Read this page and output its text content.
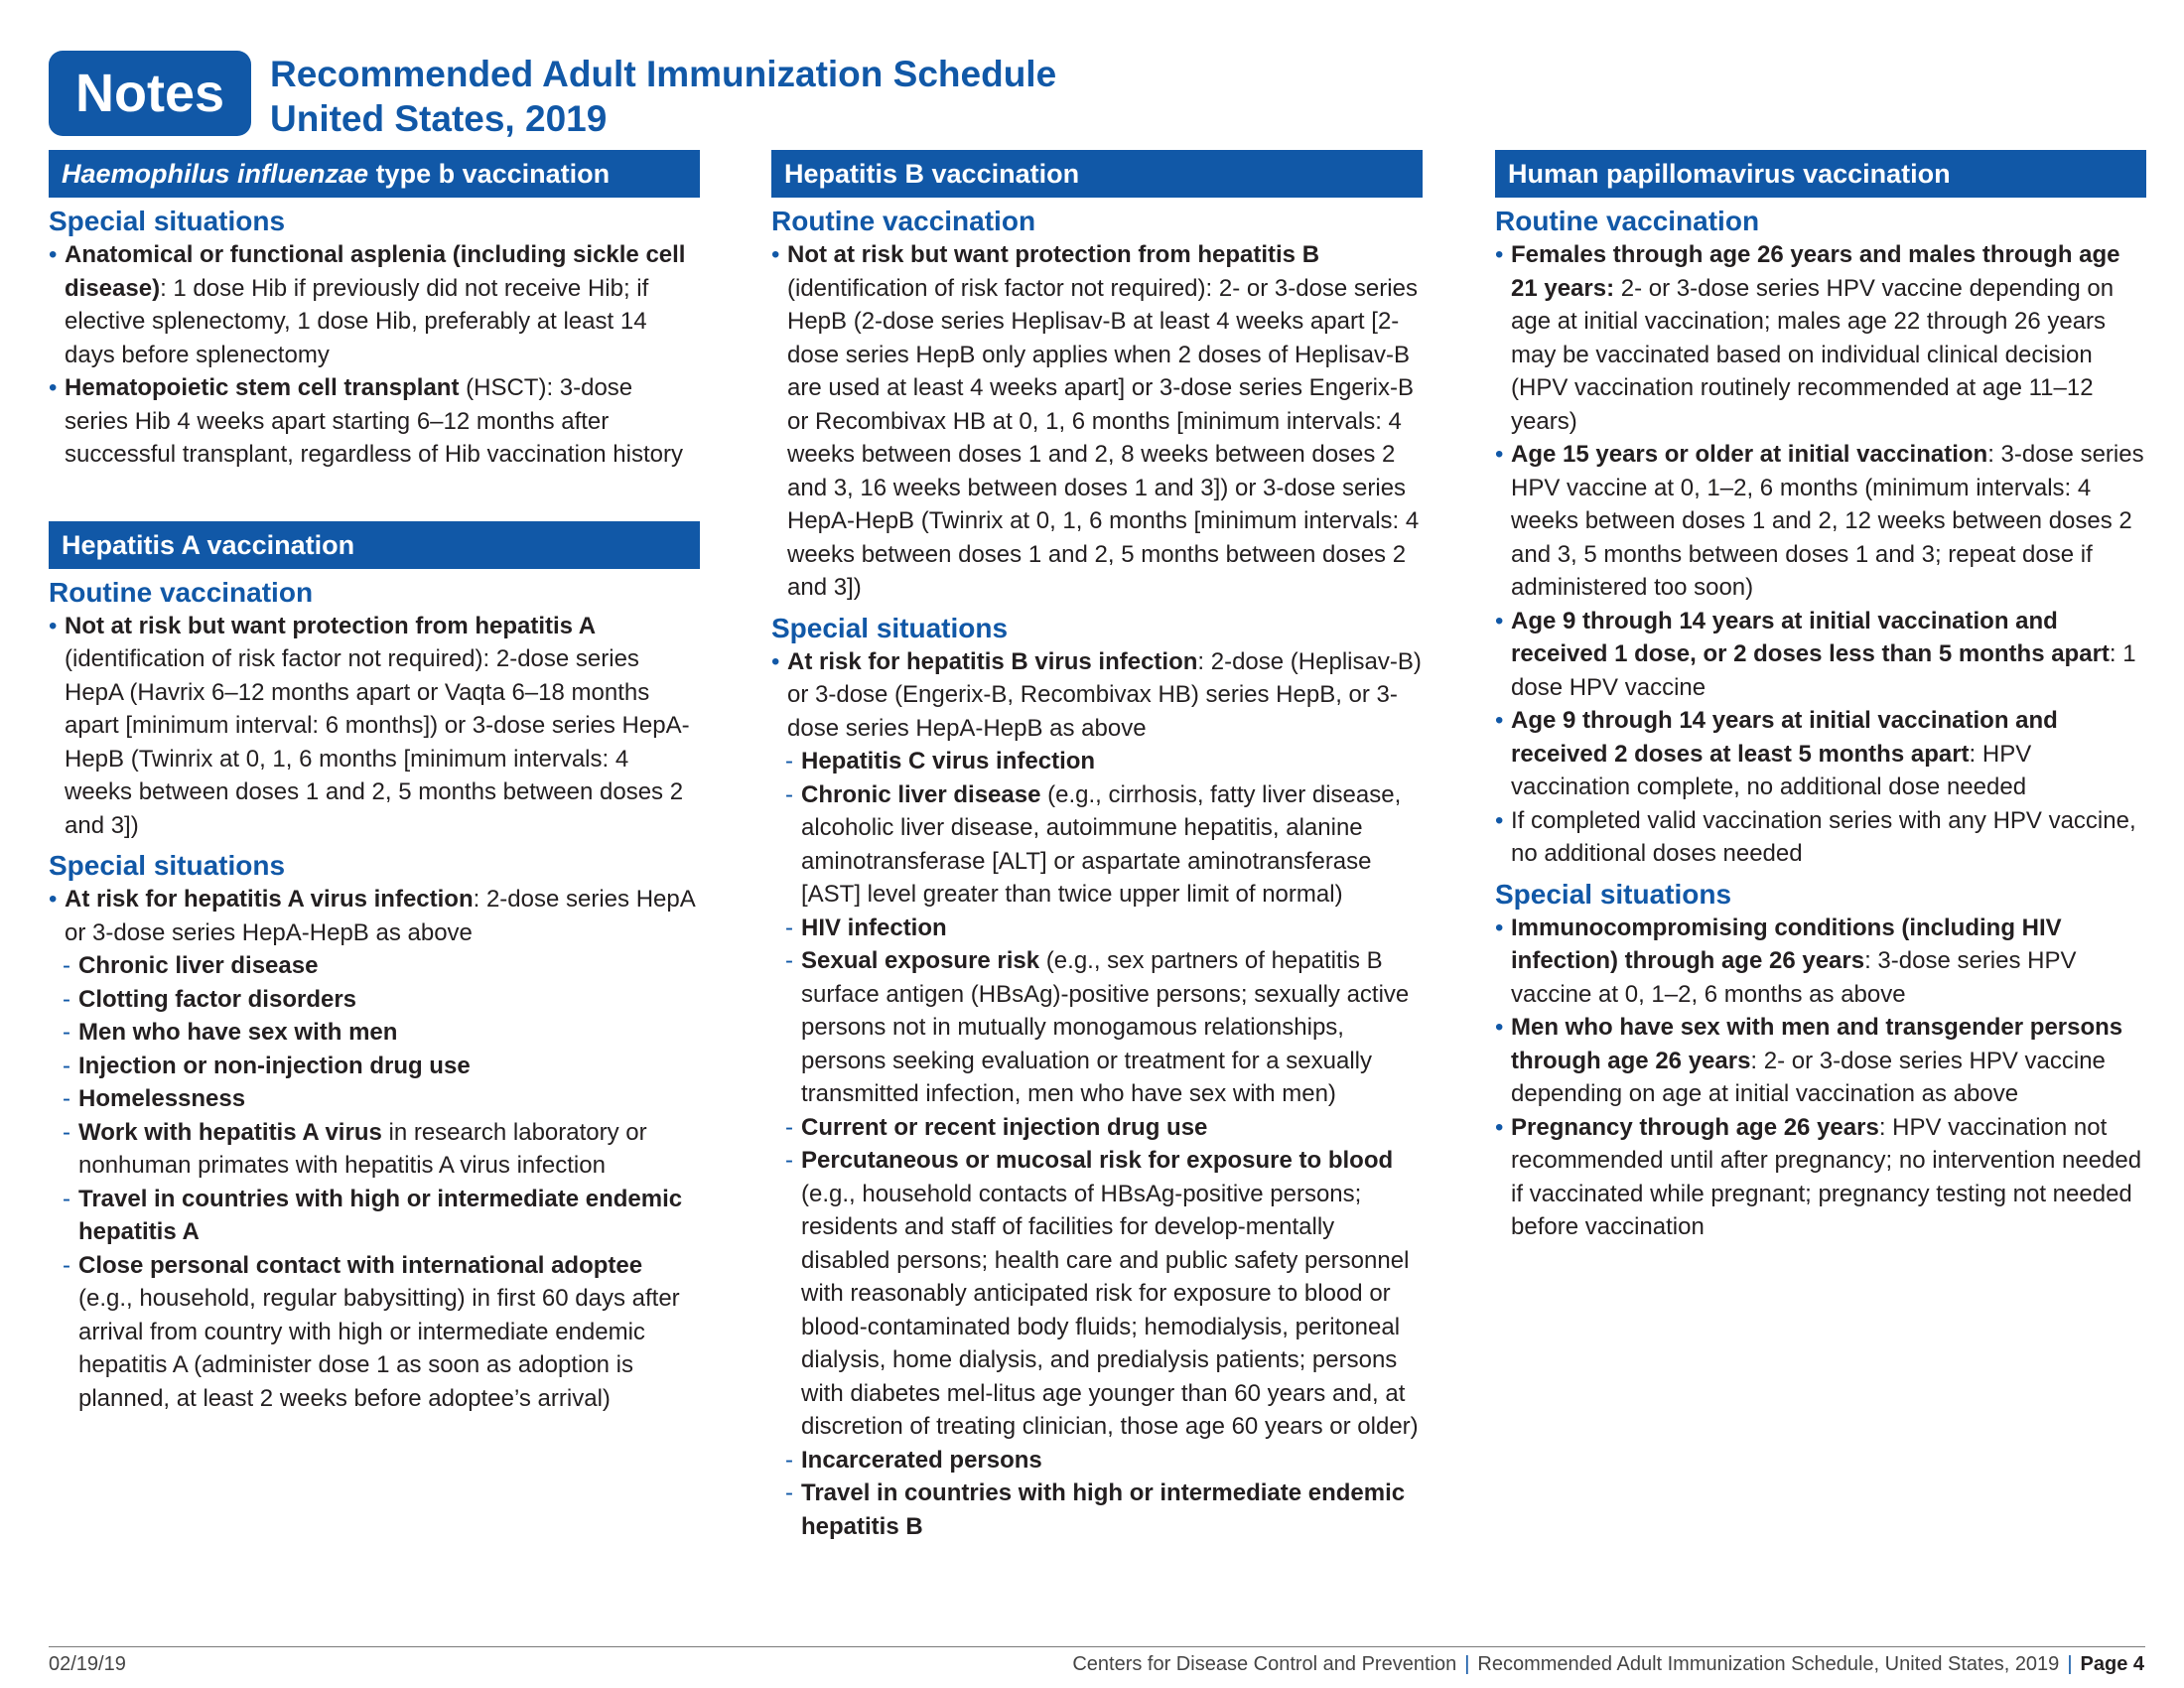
Notes	Recommended Adult Immunization Schedule
United States, 2019
Haemophilus influenzae type b vaccination
Special situations
• Anatomical or functional asplenia (including sickle cell disease): 1 dose Hib if previously did not receive Hib; if elective splenectomy, 1 dose Hib, preferably at least 14 days before splenectomy
• Hematopoietic stem cell transplant (HSCT): 3-dose series Hib 4 weeks apart starting 6–12 months after successful transplant, regardless of Hib vaccination history
Hepatitis A vaccination
Routine vaccination
• Not at risk but want protection from hepatitis A (identification of risk factor not required): 2-dose series HepA (Havrix 6–12 months apart or Vaqta 6–18 months apart [minimum interval: 6 months]) or 3-dose series HepA-HepB (Twinrix at 0, 1, 6 months [minimum intervals: 4 weeks between doses 1 and 2, 5 months between doses 2 and 3])
Special situations
• At risk for hepatitis A virus infection: 2-dose series HepA or 3-dose series HepA-HepB as above
- Chronic liver disease
- Clotting factor disorders
- Men who have sex with men
- Injection or non-injection drug use
- Homelessness
- Work with hepatitis A virus in research laboratory or nonhuman primates with hepatitis A virus infection
- Travel in countries with high or intermediate endemic hepatitis A
- Close personal contact with international adoptee (e.g., household, regular babysitting) in first 60 days after arrival from country with high or intermediate endemic hepatitis A (administer dose 1 as soon as adoption is planned, at least 2 weeks before adoptee’s arrival)
Hepatitis B vaccination
Routine vaccination
• Not at risk but want protection from hepatitis B (identification of risk factor not required): 2- or 3-dose series HepB (2-dose series Heplisav-B at least 4 weeks apart [2-dose series HepB only applies when 2 doses of Heplisav-B are used at least 4 weeks apart] or 3-dose series Engerix-B or Recombivax HB at 0, 1, 6 months [minimum intervals: 4 weeks between doses 1 and 2, 8 weeks between doses 2 and 3, 16 weeks between doses 1 and 3]) or 3-dose series HepA-HepB (Twinrix at 0, 1, 6 months [minimum intervals: 4 weeks between doses 1 and 2, 5 months between doses 2 and 3])
Special situations
• At risk for hepatitis B virus infection: 2-dose (Heplisav-B) or 3-dose (Engerix-B, Recombivax HB) series HepB, or 3-dose series HepA-HepB as above
- Hepatitis C virus infection
- Chronic liver disease (e.g., cirrhosis, fatty liver disease, alcoholic liver disease, autoimmune hepatitis, alanine aminotransferase [ALT] or aspartate aminotransferase [AST] level greater than twice upper limit of normal)
- HIV infection
- Sexual exposure risk (e.g., sex partners of hepatitis B surface antigen (HBsAg)-positive persons; sexually active persons not in mutually monogamous relationships, persons seeking evaluation or treatment for a sexually transmitted infection, men who have sex with men)
- Current or recent injection drug use
- Percutaneous or mucosal risk for exposure to blood (e.g., household contacts of HBsAg-positive persons; residents and staff of facilities for develop-mentally disabled persons; health care and public safety personnel with reasonably anticipated risk for exposure to blood or blood-contaminated body fluids; hemodialysis, peritoneal dialysis, home dialysis, and predialysis patients; persons with diabetes mel-litus age younger than 60 years and, at discretion of treating clinician, those age 60 years or older)
- Incarcerated persons
- Travel in countries with high or intermediate endemic hepatitis B
Human papillomavirus vaccination
Routine vaccination
• Females through age 26 years and males through age 21 years: 2- or 3-dose series HPV vaccine depending on age at initial vaccination; males age 22 through 26 years may be vaccinated based on individual clinical decision (HPV vaccination routinely recommended at age 11–12 years)
• Age 15 years or older at initial vaccination: 3-dose series HPV vaccine at 0, 1–2, 6 months (minimum intervals: 4 weeks between doses 1 and 2, 12 weeks between doses 2 and 3, 5 months between doses 1 and 3; repeat dose if administered too soon)
• Age 9 through 14 years at initial vaccination and received 1 dose, or 2 doses less than 5 months apart: 1 dose HPV vaccine
• Age 9 through 14 years at initial vaccination and received 2 doses at least 5 months apart: HPV vaccination complete, no additional dose needed
• If completed valid vaccination series with any HPV vaccine, no additional doses needed
Special situations
• Immunocompromising conditions (including HIV infection) through age 26 years: 3-dose series HPV vaccine at 0, 1–2, 6 months as above
• Men who have sex with men and transgender persons through age 26 years: 2- or 3-dose series HPV vaccine depending on age at initial vaccination as above
• Pregnancy through age 26 years: HPV vaccination not recommended until after pregnancy; no intervention needed if vaccinated while pregnant; pregnancy testing not needed before vaccination
02/19/19	Centers for Disease Control and Prevention | Recommended Adult Immunization Schedule, United States, 2019 | Page 4
